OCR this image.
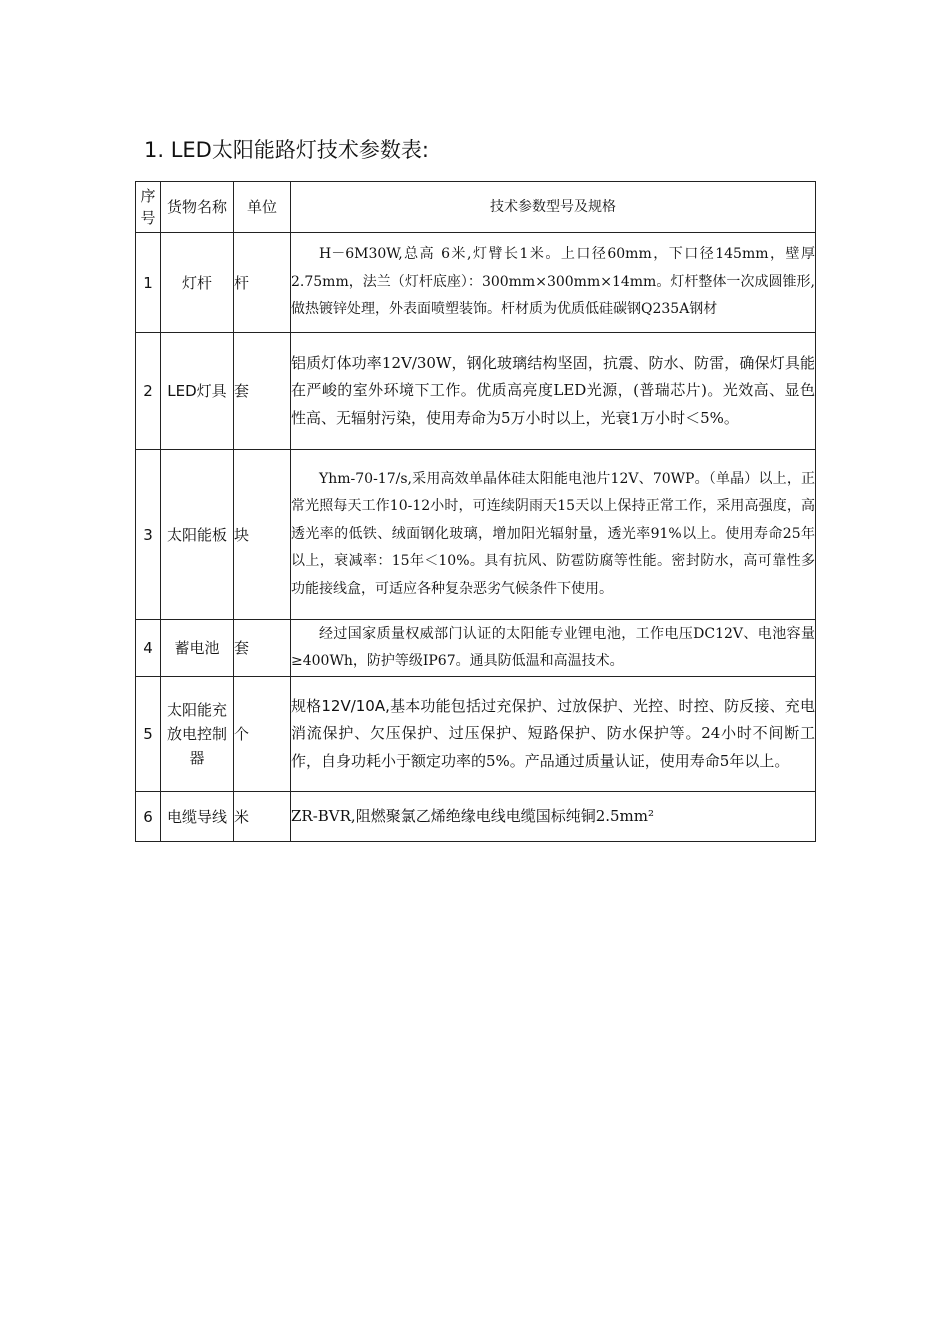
1. LED太阳能路灯技术参数表:
序号	货物名称	单位	技术参数型号及规格
1	灯杆	杆	H－6M30W,总高 6米,灯臂长1米。上口径60mm，下口径145mm，壁厚2.75mm，法兰（灯杆底座）：300mm×300mm×14mm。灯杆整体一次成圆锥形,做热镀锌处理，外表面喷塑装饰。杆材质为优质低硅碳钢Q235A钢材
2	LED灯具	套	铝质灯体功率12V/30W，钢化玻璃结构坚固，抗震、防水、防雷，确保灯具能在严峻的室外环境下工作。优质高亮度LED光源，(普瑞芯片)。光效高、显色性高、无辐射污染，使用寿命为5万小时以上，光衰1万小时＜5%。
3	太阳能板	块	Yhm-70-17/s,采用高效单晶体硅太阳能电池片12V、70WP。（单晶）以上，正常光照每天工作10-12小时，可连续阴雨天15天以上保持正常工作，采用高强度，高透光率的低铁、绒面钢化玻璃，增加阳光辐射量，透光率91%以上。使用寿命25年以上，衰减率：15年＜10%。具有抗风、防雹防腐等性能。密封防水，高可靠性多功能接线盒，可适应各种复杂恶劣气候条件下使用。
4	蓄电池	套	经过国家质量权威部门认证的太阳能专业锂电池，工作电压DC12V、电池容量≥400Wh，防护等级IP67。通具防低温和高温技术。
5	太阳能充放电控制器	个	规格12V/10A,基本功能包括过充保护、过放保护、光控、时控、防反接、充电消流保护、欠压保护、过压保护、短路保护、防水保护等。24小时不间断工作，自身功耗小于额定功率的5%。产品通过质量认证，使用寿命5年以上。
6	电缆导线	米	ZR-BVR,阻燃聚氯乙烯绝缘电线电缆国标纯铜2.5mm²
